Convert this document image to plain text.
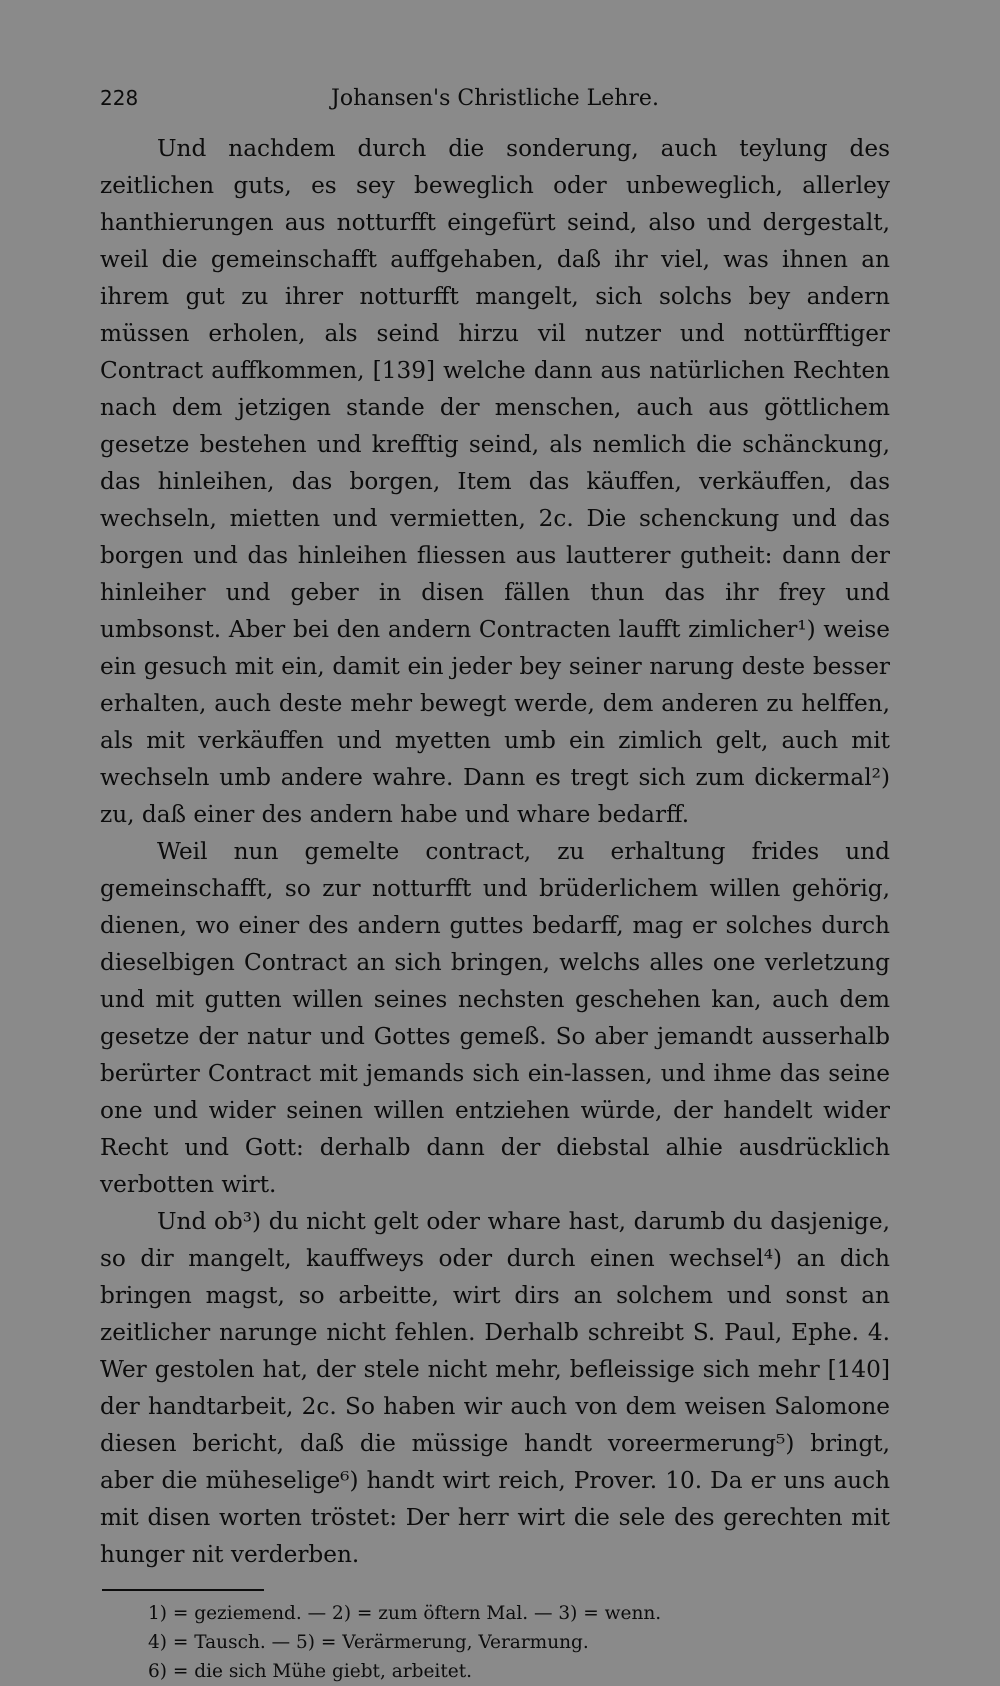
228	Johansen's Christliche Lehre.

Und nachdem durch die sonderung, auch teylung des zeitlichen guts, es sey beweglich oder unbeweglich, allerley hanthierungen aus notturfft eingefürt seind, also und dergestalt, weil die gemeinschafft auffgehaben, daß ihr viel, was ihnen an ihrem gut zu ihrer notturfft mangelt, sich solchs bey andern müssen erholen, als seind hirzu vil nutzer und nottürfftiger Contract auffkommen, [139] welche dann aus natürlichen Rechten nach dem jetzigen stande der menschen, auch aus göttlichem gesetze bestehen und krefftig seind, als nemlich die schänckung, das hinleihen, das borgen, Item das käuffen, verkäuffen, das wechseln, mietten und vermietten, 2c. Die schenckung und das borgen und das hinleihen fliessen aus lautterer gutheit: dann der hinleiher und geber in disen fällen thun das ihr frey und umbsonst. Aber bei den andern Contracten laufft zimlicher¹) weise ein gesuch mit ein, damit ein jeder bey seiner narung deste besser erhalten, auch deste mehr bewegt werde, dem anderen zu helffen, als mit verkäuffen und myetten umb ein zimlich gelt, auch mit wechseln umb andere wahre. Dann es tregt sich zum dickermal²) zu, daß einer des andern habe und whare bedarff.

Weil nun gemelte contract, zu erhaltung frides und gemeinschafft, so zur notturfft und brüderlichem willen gehörig, dienen, wo einer des andern guttes bedarff, mag er solches durch dieselbigen Contract an sich bringen, welchs alles one verletzung und mit gutten willen seines nechsten geschehen kan, auch dem gesetze der natur und Gottes gemeß. So aber jemandt ausserhalb berürter Contract mit jemands sich ein-lassen, und ihme das seine one und wider seinen willen entziehen würde, der handelt wider Recht und Gott: derhalb dann der diebstal alhie ausdrücklich verbotten wirt.

Und ob³) du nicht gelt oder whare hast, darumb du dasjenige, so dir mangelt, kauffweys oder durch einen wechsel⁴) an dich bringen magst, so arbeitte, wirt dirs an solchem und sonst an zeitlicher narunge nicht fehlen. Derhalb schreibt S. Paul, Ephe. 4. Wer gestolen hat, der stele nicht mehr, befleissige sich mehr [140] der handtarbeit, 2c. So haben wir auch von dem weisen Salomone diesen bericht, daß die müssige handt voreermerung⁵) bringt, aber die müheselige⁶) handt wirt reich, Prover. 10. Da er uns auch mit disen worten tröstet: Der herr wirt die sele des gerechten mit hunger nit verderben.

1) = geziemend. — 2) = zum öftern Mal. — 3) = wenn.
4) = Tausch. — 5) = Verärmerung, Verarmung.
6) = die sich Mühe giebt, arbeitet.
